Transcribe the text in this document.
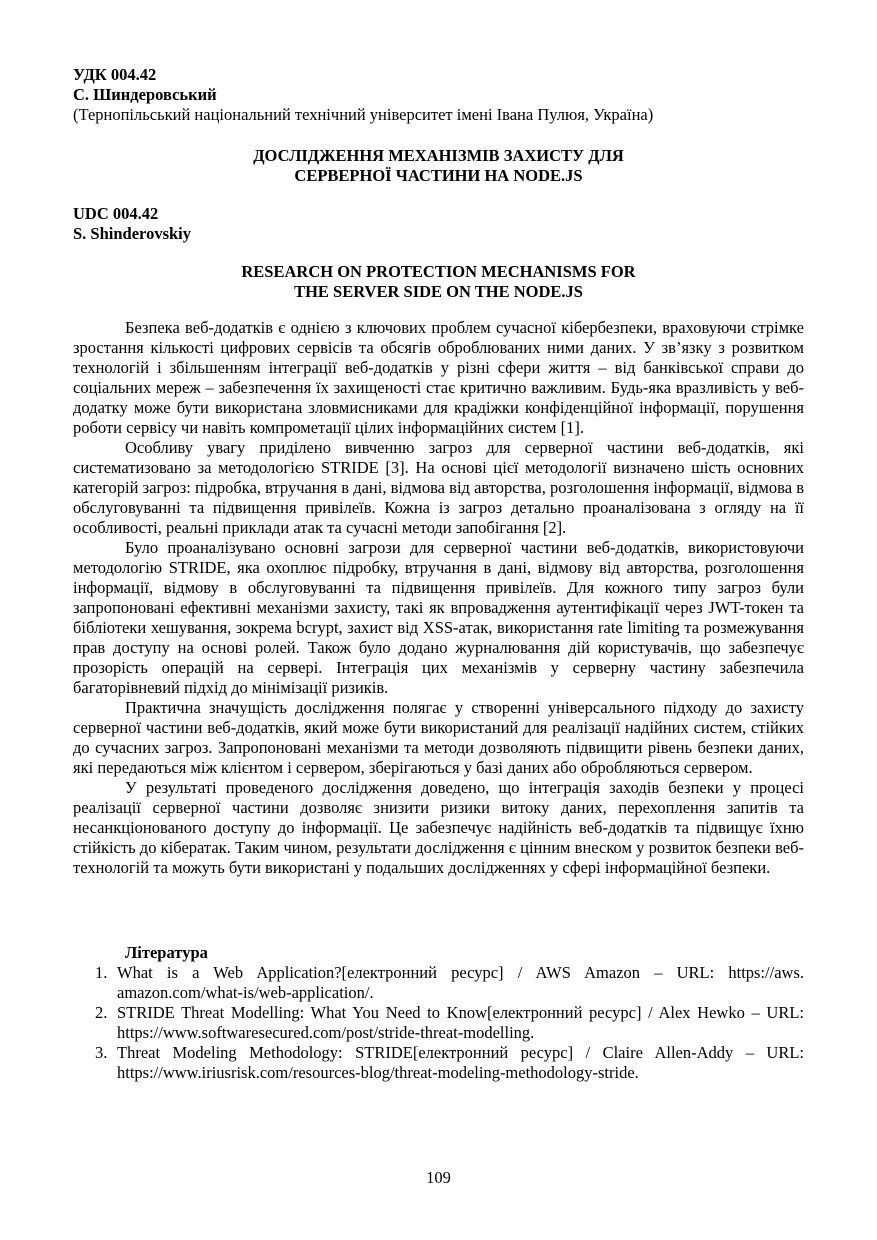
УДК 004.42
С. Шиндеровський
(Тернопільський національний технічний університет імені Івана Пулюя, Україна)
ДОСЛІДЖЕННЯ МЕХАНІЗМІВ ЗАХИСТУ ДЛЯ
СЕРВЕРНОЇ ЧАСТИНИ НА NODE.JS
UDC 004.42
S. Shinderovskiy
RESEARCH ON PROTECTION MECHANISMS FOR
THE SERVER SIDE ON THE NODE.JS

Безпека веб-додатків є однією з ключових проблем сучасної кібербезпеки, враховуючи стрімке зростання кількості цифрових сервісів та обсягів оброблюваних ними даних. У зв’язку з розвитком технологій і збільшенням інтеграції веб-додатків у різні сфери життя – від банківської справи до соціальних мереж – забезпечення їх захищеності стає критично важливим. Будь-яка вразливість у веб-додатку може бути використана зловмисниками для крадіжки конфіденційної інформації, порушення роботи сервісу чи навіть компрометації цілих інформаційних систем [1].

Особливу увагу приділено вивченню загроз для серверної частини веб-додатків, які систематизовано за методологією STRIDE [3]. На основі цієї методології визначено шість основних категорій загроз: підробка, втручання в дані, відмова від авторства, розголошення інформації, відмова в обслуговуванні та підвищення привілеїв. Кожна із загроз детально проаналізована з огляду на її особливості, реальні приклади атак та сучасні методи запобігання [2].

Було проаналізувано основні загрози для серверної частини веб-додатків, використовуючи методологію STRIDE, яка охоплює підробку, втручання в дані, відмову від авторства, розголошення інформації, відмову в обслуговуванні та підвищення привілеїв. Для кожного типу загроз були запропоновані ефективні механізми захисту, такі як впровадження аутентифікації через JWT-токен та бібліотеки хешування, зокрема bcrypt, захист від XSS-атак, використання rate limiting та розмежування прав доступу на основі ролей. Також було додано журналювання дій користувачів, що забезпечує прозорість операцій на сервері. Інтеграція цих механізмів у серверну частину забезпечила багаторівневий підхід до мінімізації ризиків.

Практична значущість дослідження полягає у створенні універсального підходу до захисту серверної частини веб-додатків, який може бути використаний для реалізації надійних систем, стійких до сучасних загроз. Запропоновані механізми та методи дозволяють підвищити рівень безпеки даних, які передаються між клієнтом і сервером, зберігаються у базі даних або обробляються сервером.

У результаті проведеного дослідження доведено, що інтеграція заходів безпеки у процесі реалізації серверної частини дозволяє знизити ризики витоку даних, перехоплення запитів та несанкціонованого доступу до інформації. Це забезпечує надійність веб-додатків та підвищує їхню стійкість до кібератак. Таким чином, результати дослідження є цінним внеском у розвиток безпеки веб-технологій та можуть бути використані у подальших дослідженнях у сфері інформаційної безпеки.

Література
1. What is a Web Application?[електронний ресурс] / AWS Amazon – URL: https://aws. amazon.com/what-is/web-application/.
2. STRIDE Threat Modelling: What You Need to Know[електронний ресурс] / Alex Hewko – URL: https://www.softwaresecured.com/post/stride-threat-modelling.
3. Threat Modeling Methodology: STRIDE[електронний ресурс] / Claire Allen-Addy – URL: https://www.iriusrisk.com/resources-blog/threat-modeling-methodology-stride.
109
